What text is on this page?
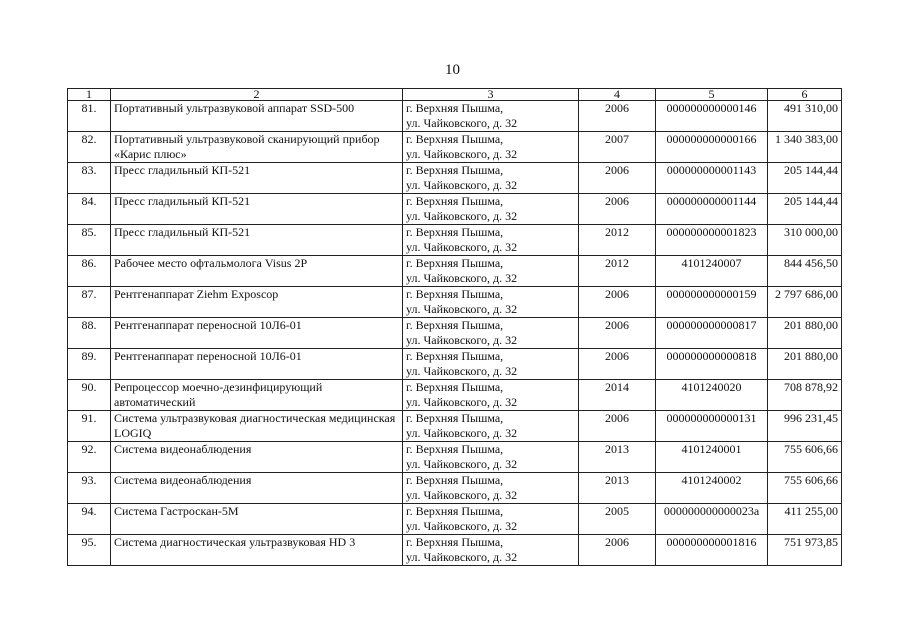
10
1	2	3	4	5	6
81.	Портативный ультразвуковой аппарат SSD-500	г. Верхняя Пышма,
ул. Чайковского, д. 32	2006	000000000000146	491 310,00
82.	Портативный ультразвуковой сканирующий прибор «Карис плюс»	г. Верхняя Пышма,
ул. Чайковского, д. 32	2007	000000000000166	1 340 383,00
83.	Пресс гладильный КП-521	г. Верхняя Пышма,
ул. Чайковского, д. 32	2006	000000000001143	205 144,44
84.	Пресс гладильный КП-521	г. Верхняя Пышма,
ул. Чайковского, д. 32	2006	000000000001144	205 144,44
85.	Пресс гладильный КП-521	г. Верхняя Пышма,
ул. Чайковского, д. 32	2012	000000000001823	310 000,00
86.	Рабочее место офтальмолога Visus 2P	г. Верхняя Пышма,
ул. Чайковского, д. 32	2012	4101240007	844 456,50
87.	Рентгенаппарат Ziehm Exposcop	г. Верхняя Пышма,
ул. Чайковского, д. 32	2006	000000000000159	2 797 686,00
88.	Рентгенаппарат переносной 10Л6-01	г. Верхняя Пышма,
ул. Чайковского, д. 32	2006	000000000000817	201 880,00
89.	Рентгенаппарат переносной 10Л6-01	г. Верхняя Пышма,
ул. Чайковского, д. 32	2006	000000000000818	201 880,00
90.	Репроцессор моечно-дезинфицирующий автоматический	г. Верхняя Пышма,
ул. Чайковского, д. 32	2014	4101240020	708 878,92
91.	Система ультразвуковая диагностическая медицинская LOGIQ	г. Верхняя Пышма,
ул. Чайковского, д. 32	2006	000000000000131	996 231,45
92.	Система видеонаблюдения	г. Верхняя Пышма,
ул. Чайковского, д. 32	2013	4101240001	755 606,66
93.	Система видеонаблюдения	г. Верхняя Пышма,
ул. Чайковского, д. 32	2013	4101240002	755 606,66
94.	Система Гастроскан-5М	г. Верхняя Пышма,
ул. Чайковского, д. 32	2005	000000000000023а	411 255,00
95.	Система диагностическая ультразвуковая HD 3	г. Верхняя Пышма,
ул. Чайковского, д. 32	2006	000000000001816	751 973,85
